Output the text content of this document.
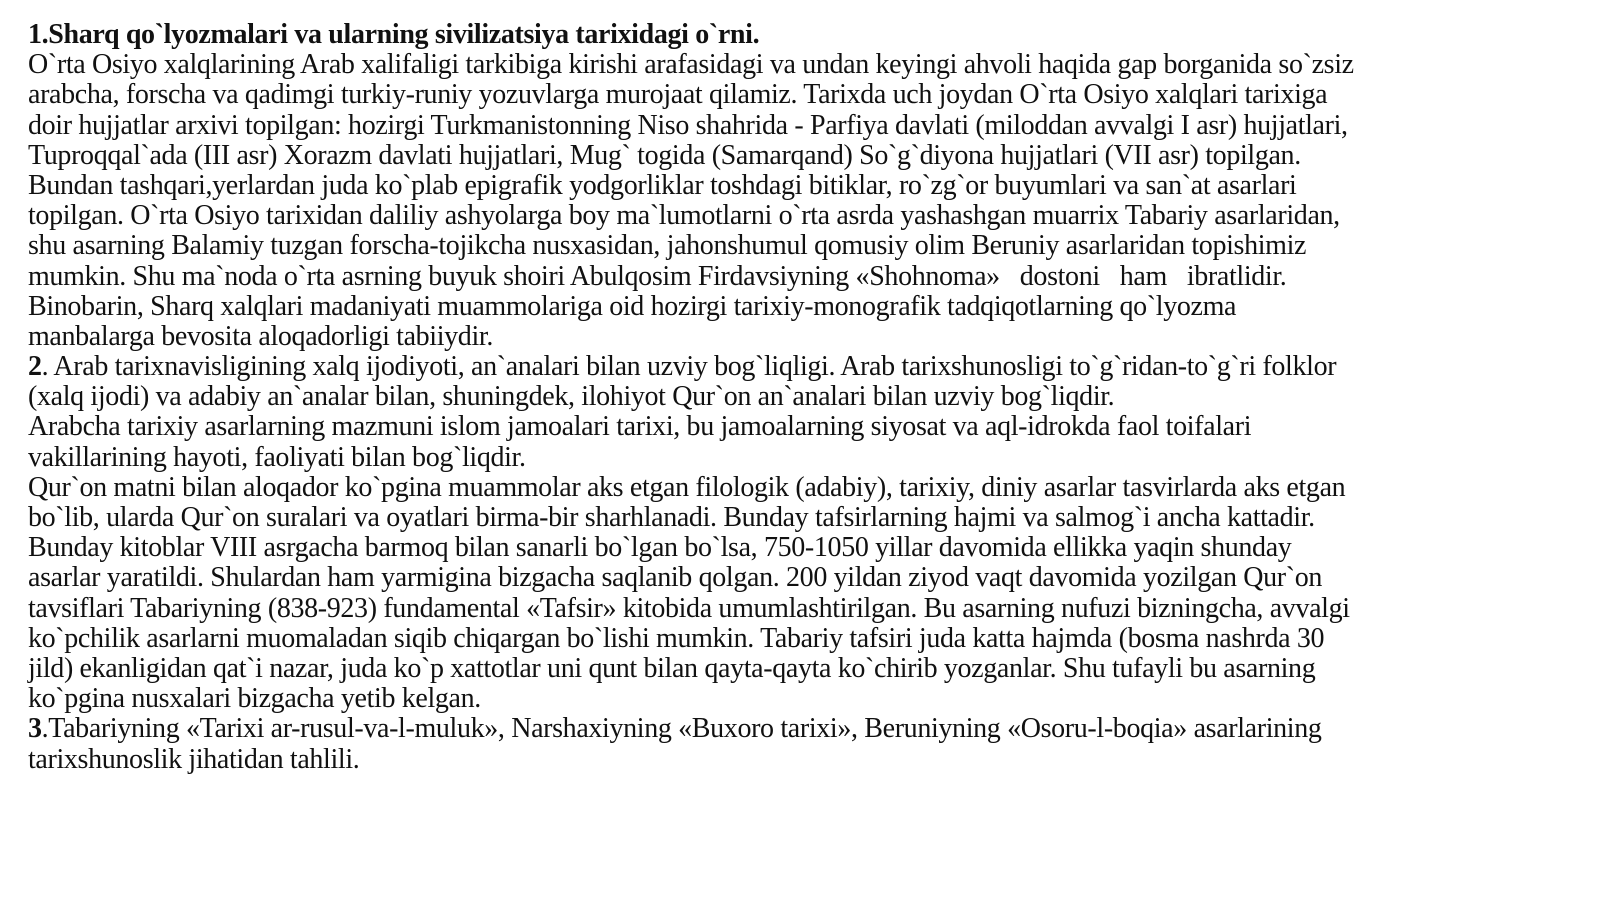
1.Sharq qo`lyozmalari va ularning sivilizatsiya tarixidagi o`rni.
O`rta Osiyo xalqlarining Arab xalifaligi tarkibiga kirishi arafasidagi va undan keyingi ahvoli haqida gap borganida so`zsiz
arabcha, forscha va qadimgi turkiy-runiy yozuvlarga murojaat qilamiz. Tarixda uch joydan O`rta Osiyo xalqlari tarixiga
doir hujjatlar arxivi topilgan: hozirgi Turkmanistonning Niso shahrida - Parfiya davlati (miloddan avvalgi I asr) hujjatlari,
Tuproqqal`ada (III asr) Xorazm davlati hujjatlari, Mug` togida (Samarqand) So`g`diyona hujjatlari (VII asr) topilgan.
Bundan tashqari,yerlardan juda ko`plab epigrafik yodgorliklar toshdagi bitiklar, ro`zg`or buyumlari va san`at asarlari
topilgan. O`rta Osiyo tarixidan daliliy ashyolarga boy ma`lumotlarni o`rta asrda yashashgan muarrix Tabariy asarlaridan,
shu asarning Balamiy tuzgan forscha-tojikcha nusxasidan, jahonshumul qomusiy olim Beruniy asarlaridan topishimiz
mumkin. Shu ma`noda o`rta asrning buyuk shoiri Abulqosim Firdavsiyning «Shohnoma»   dostoni   ham   ibratlidir.
Binobarin, Sharq xalqlari madaniyati muammolariga oid hozirgi tarixiy-monografik tadqiqotlarning qo`lyozma
manbalarga bevosita aloqadorligi tabiiydir.
2. Arab tarixnavisligining xalq ijodiyoti, an`analari bilan uzviy bog`liqligi. Arab tarixshunosligi to`g`ridan-to`g`ri folklor
(xalq ijodi) va adabiy an`analar bilan, shuningdek, ilohiyot Qur`on an`analari bilan uzviy bog`liqdir.
Arabcha tarixiy asarlarning mazmuni islom jamoalari tarixi, bu jamoalarning siyosat va aql-idrokda faol toifalari
vakillarining hayoti, faoliyati bilan bog`liqdir.
Qur`on matni bilan aloqador ko`pgina muammolar aks etgan filologik (adabiy), tarixiy, diniy asarlar tasvirlarda aks etgan
bo`lib, ularda Qur`on suralari va oyatlari birma-bir sharhlanadi. Bunday tafsirlarning hajmi va salmog`i ancha kattadir.
Bunday kitoblar VIII asrgacha barmoq bilan sanarli bo`lgan bo`lsa, 750-1050 yillar davomida ellikka yaqin shunday
asarlar yaratildi. Shulardan ham yarmigina bizgacha saqlanib qolgan. 200 yildan ziyod vaqt davomida yozilgan Qur`on
tavsiflari Tabariyning (838-923) fundamental «Tafsir» kitobida umumlashtirilgan. Bu asarning nufuzi bizningcha, avvalgi
ko`pchilik asarlarni muomaladan siqib chiqargan bo`lishi mumkin. Tabariy tafsiri juda katta hajmda (bosma nashrda 30
jild) ekanligidan qat`i nazar, juda ko`p xattotlar uni qunt bilan qayta-qayta ko`chirib yozganlar. Shu tufayli bu asarning
ko`pgina nusxalari bizgacha yetib kelgan.
3.Tabariyning «Tarixi ar-rusul-va-l-muluk», Narshaxiyning «Buxoro tarixi», Beruniyning «Osoru-l-boqia» asarlarining
tarixshunoslik jihatidan tahlili.
